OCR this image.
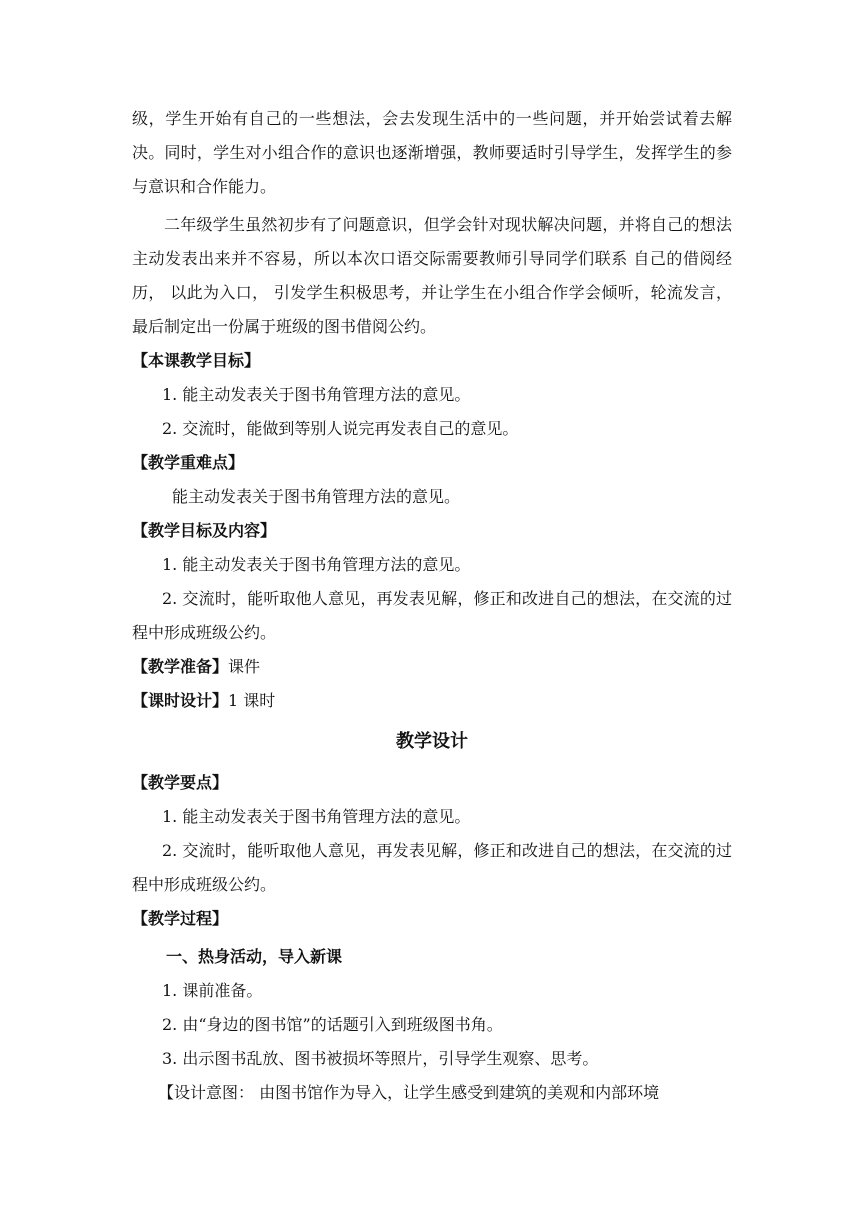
级，学生开始有自己的一些想法，会去发现生活中的一些问题，并开始尝试着去解决。同时，学生对小组合作的意识也逐渐增强，教师要适时引导学生，发挥学生的参与意识和合作能力。

二年级学生虽然初步有了问题意识，但学会针对现状解决问题，并将自己的想法主动发表出来并不容易，所以本次口语交际需要教师引导同学们联系 自己的借阅经历， 以此为入口， 引发学生积极思考，并让学生在小组合作学会倾听，轮流发言，最后制定出一份属于班级的图书借阅公约。

【本课教学目标】

1. 能主动发表关于图书角管理方法的意见。

2. 交流时，能做到等别人说完再发表自己的意见。

【教学重难点】

能主动发表关于图书角管理方法的意见。

【教学目标及内容】

1. 能主动发表关于图书角管理方法的意见。

2. 交流时，能听取他人意见，再发表见解，修正和改进自己的想法，在交流的过程中形成班级公约。

【教学准备】课件

【课时设计】1 课时

教学设计

【教学要点】

1. 能主动发表关于图书角管理方法的意见。

2. 交流时，能听取他人意见，再发表见解，修正和改进自己的想法，在交流的过程中形成班级公约。

【教学过程】

一、热身活动，导入新课

1. 课前准备。

2. 由“身边的图书馆”的话题引入到班级图书角。

3. 出示图书乱放、图书被损坏等照片，引导学生观察、思考。

【设计意图： 由图书馆作为导入，让学生感受到建筑的美观和内部环境
